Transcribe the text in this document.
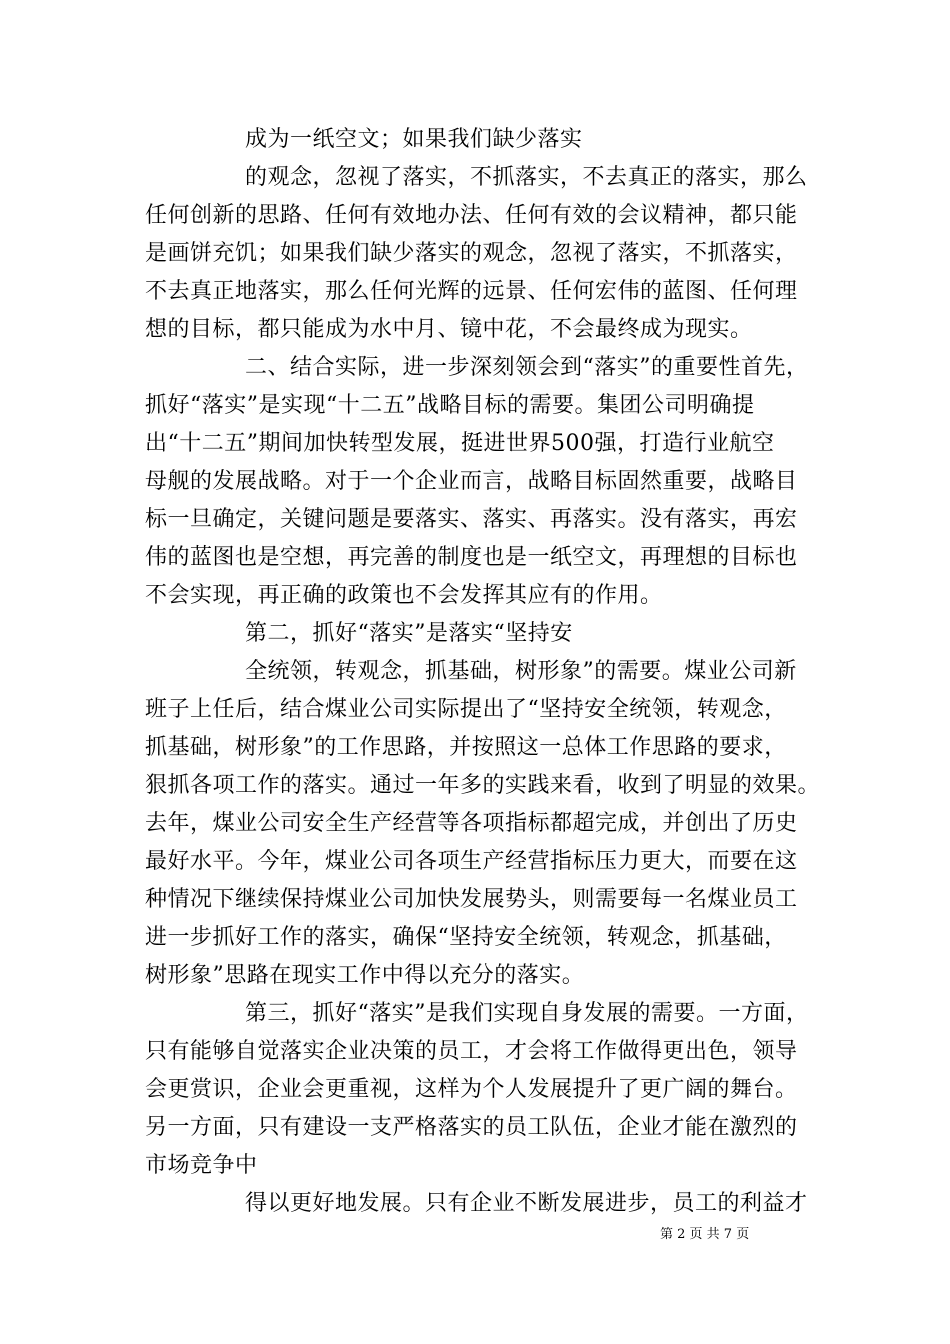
成为一纸空文；如果我们缺少落实
的观念，忽视了落实，不抓落实，不去真正的落实，那么
任何创新的思路、任何有效地办法、任何有效的会议精神，都只能
是画饼充饥；如果我们缺少落实的观念，忽视了落实，不抓落实，
不去真正地落实，那么任何光辉的远景、任何宏伟的蓝图、任何理
想的目标，都只能成为水中月、镜中花，不会最终成为现实。
二、结合实际，进一步深刻领会到“落实”的重要性首先，
抓好“落实”是实现“十二五”战略目标的需要。集团公司明确提
出“十二五”期间加快转型发展，挺进世界500强，打造行业航空
母舰的发展战略。对于一个企业而言，战略目标固然重要，战略目
标一旦确定，关键问题是要落实、落实、再落实。没有落实，再宏
伟的蓝图也是空想，再完善的制度也是一纸空文，再理想的目标也
不会实现，再正确的政策也不会发挥其应有的作用。
第二，抓好“落实”是落实“坚持安
全统领，转观念，抓基础，树形象”的需要。煤业公司新
班子上任后，结合煤业公司实际提出了“坚持安全统领，转观念，
抓基础，树形象”的工作思路，并按照这一总体工作思路的要求，
狠抓各项工作的落实。通过一年多的实践来看，收到了明显的效果。
去年，煤业公司安全生产经营等各项指标都超完成，并创出了历史
最好水平。今年，煤业公司各项生产经营指标压力更大，而要在这
种情况下继续保持煤业公司加快发展势头，则需要每一名煤业员工
进一步抓好工作的落实，确保“坚持安全统领，转观念，抓基础，
树形象”思路在现实工作中得以充分的落实。
第三，抓好“落实”是我们实现自身发展的需要。一方面，
只有能够自觉落实企业决策的员工，才会将工作做得更出色，领导
会更赏识，企业会更重视，这样为个人发展提升了更广阔的舞台。
另一方面，只有建设一支严格落实的员工队伍，企业才能在激烈的
市场竞争中
得以更好地发展。只有企业不断发展进步，员工的利益才
第 2 页 共 7 页
